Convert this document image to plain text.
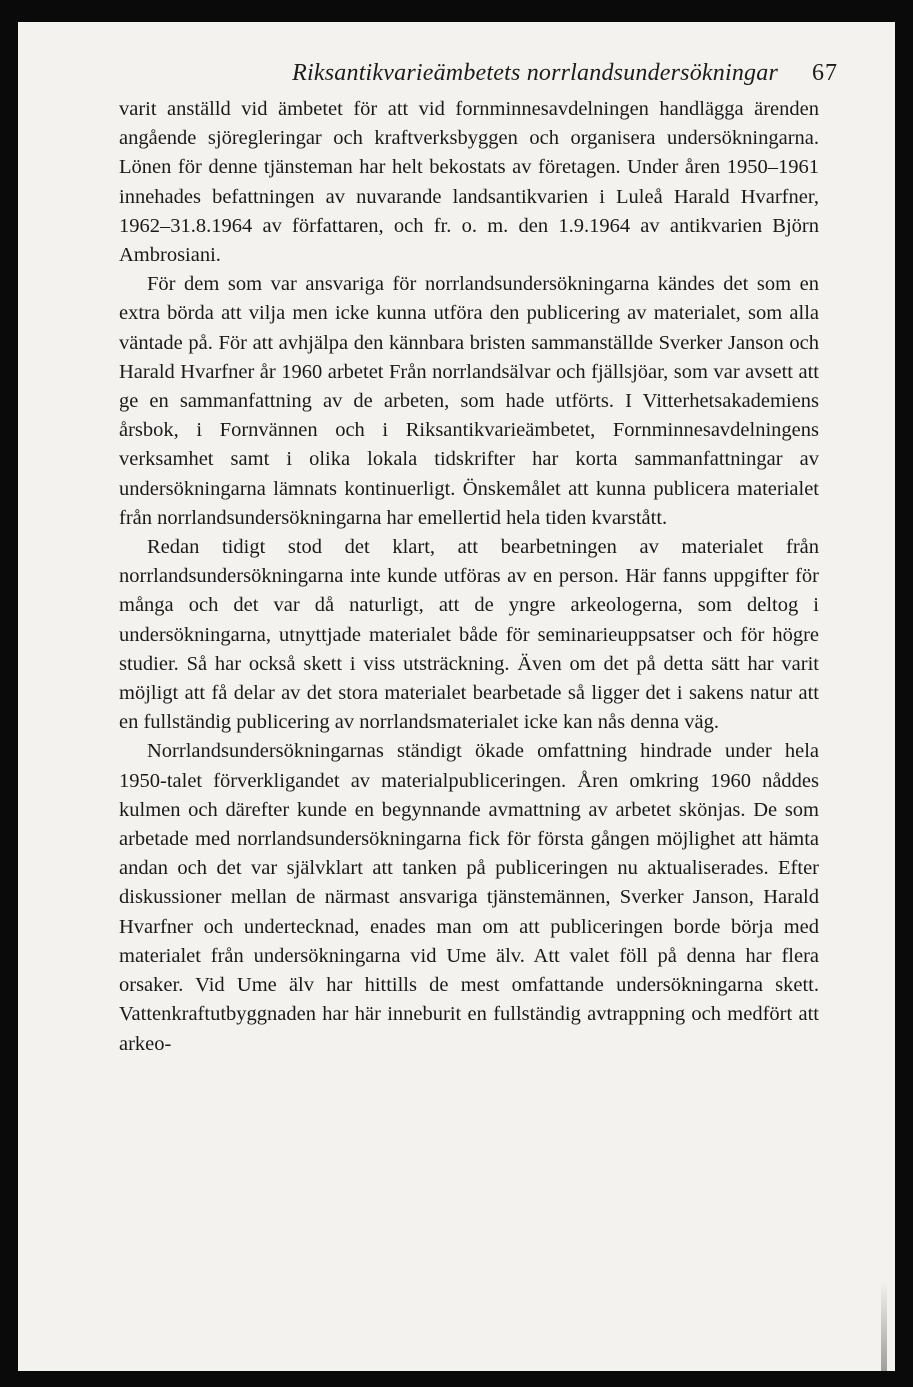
Riksantikvarieämbetets norrlandsundersökningar 67

varit anställd vid ämbetet för att vid fornminnesavdelningen handlägga ärenden angående sjöregleringar och kraftverksbyggen och organisera undersökningarna. Lönen för denne tjänsteman har helt bekostats av företagen. Under åren 1950–1961 innehades befattningen av nuvarande landsantikvarien i Luleå Harald Hvarfner, 1962–31.8.1964 av författaren, och fr. o. m. den 1.9.1964 av antikvarien Björn Ambrosiani.

För dem som var ansvariga för norrlandsundersökningarna kändes det som en extra börda att vilja men icke kunna utföra den publicering av materialet, som alla väntade på. För att avhjälpa den kännbara bristen sammanställde Sverker Janson och Harald Hvarfner år 1960 arbetet Från norrlandsälvar och fjällsjöar, som var avsett att ge en sammanfattning av de arbeten, som hade utförts. I Vitterhetsakademiens årsbok, i Fornvännen och i Riksantikvarieämbetet, Fornminnesavdelningens verksamhet samt i olika lokala tidskrifter har korta sammanfattningar av undersökningarna lämnats kontinuerligt. Önskemålet att kunna publicera materialet från norrlandsundersökningarna har emellertid hela tiden kvarstått.

Redan tidigt stod det klart, att bearbetningen av materialet från norrlandsundersökningarna inte kunde utföras av en person. Här fanns uppgifter för många och det var då naturligt, att de yngre arkeologerna, som deltog i undersökningarna, utnyttjade materialet både för seminarieuppsatser och för högre studier. Så har också skett i viss utsträckning. Även om det på detta sätt har varit möjligt att få delar av det stora materialet bearbetade så ligger det i sakens natur att en fullständig publicering av norrlandsmaterialet icke kan nås denna väg.

Norrlandsundersökningarnas ständigt ökade omfattning hindrade under hela 1950-talet förverkligandet av materialpubliceringen. Åren omkring 1960 nåddes kulmen och därefter kunde en begynnande avmattning av arbetet skönjas. De som arbetade med norrlandsundersökningarna fick för första gången möjlighet att hämta andan och det var självklart att tanken på publiceringen nu aktualiserades. Efter diskussioner mellan de närmast ansvariga tjänstemännen, Sverker Janson, Harald Hvarfner och undertecknad, enades man om att publiceringen borde börja med materialet från undersökningarna vid Ume älv. Att valet föll på denna har flera orsaker. Vid Ume älv har hittills de mest omfattande undersökningarna skett. Vattenkraftutbyggnaden har här inneburit en fullständig avtrappning och medfört att arkeo-
